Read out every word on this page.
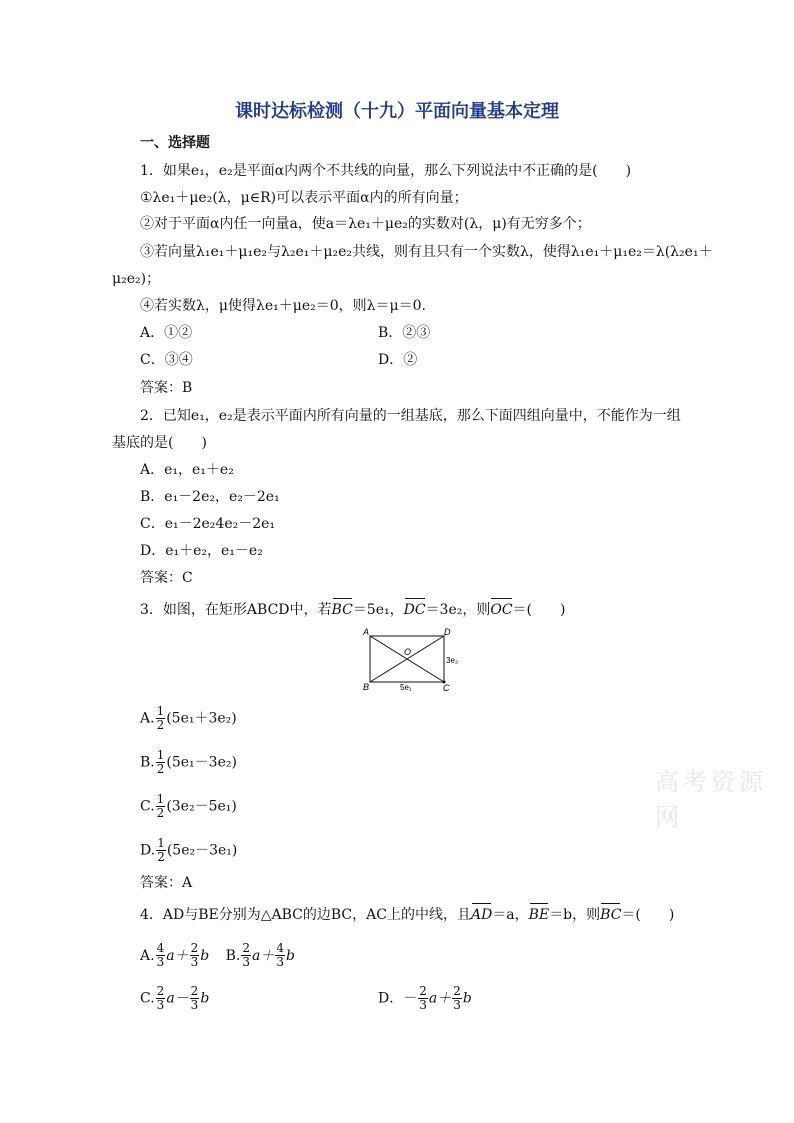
课时达标检测（十九）平面向量基本定理
一、选择题
1．如果e₁，e₂是平面α内两个不共线的向量，那么下列说法中不正确的是(　　)
①λe₁＋μe₂(λ，μ∈R)可以表示平面α内的所有向量；
②对于平面α内任一向量a，使a＝λe₁＋μe₂的实数对(λ，μ)有无穷多个；
③若向量λ₁e₁＋μ₁e₂与λ₂e₁＋μ₂e₂共线，则有且只有一个实数λ，使得λ₁e₁＋μ₁e₂＝λ(λ₂e₁＋
μ₂e₂)；
④若实数λ，μ使得λe₁＋μe₂＝0，则λ＝μ＝0.
A．①②	B．②③
C．③④	D．②
答案：B
2．已知e₁，e₂是表示平面内所有向量的一组基底，那么下面四组向量中，不能作为一组
基底的是(　　)
A．e₁，e₁＋e₂
B．e₁－2e₂，e₂－2e₁
C．e₁－2e₂4e₂－2e₁
D．e₁＋e₂，e₁－e₂
答案：C
3．如图，在矩形ABCD中，若BC＝5e₁，DC＝3e₂，则OC＝(　　)
A	D
B	C
O
3e₂
5e₁
A. $\frac{1}{2} (5e_1+3e_2)$
B. $\frac{1}{2} (5e_1-3e_2)$
C. $\frac{1}{2} (3e_2-5e_1)$
D. $\frac{1}{2} (5e_2-3e_1)$
答案：A
4．AD与BE分别为△ABC的边BC，AC上的中线，且AD＝a，BE＝b，则BC＝(　　)
A. $\frac{4}{3} a+ \frac{2}{3}$ b B. $\frac{2}{3} a+ \frac{4}{3}$ b
C. $\frac{2}{3} a- \frac{2}{3}$ b	D．－ $\frac{2}{3} a+ \frac{2}{3}$ b
高考资源网
